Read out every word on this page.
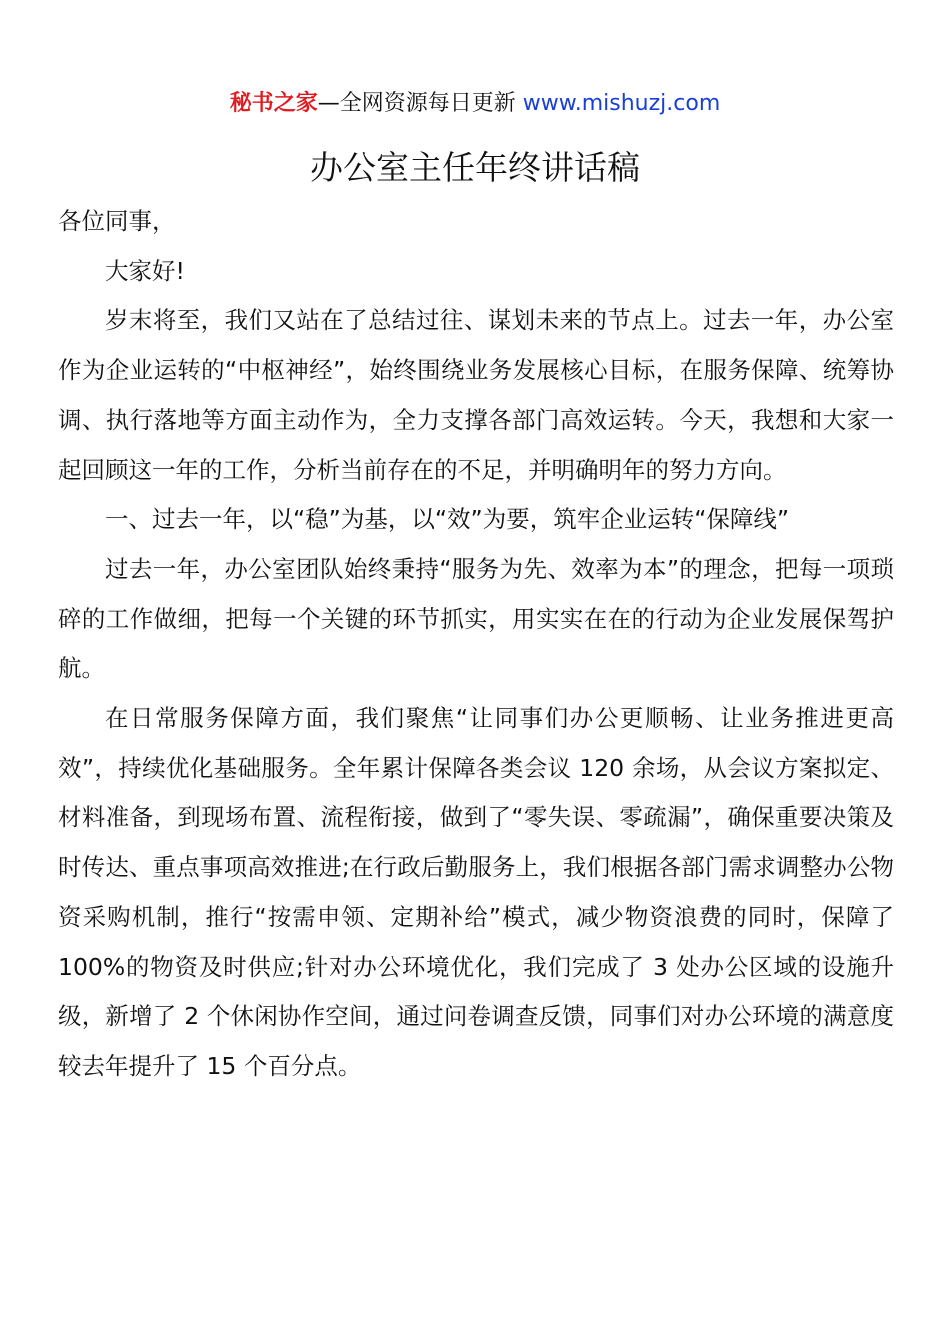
秘书之家—全网资源每日更新 www.mishuzj.com
办公室主任年终讲话稿

各位同事，

大家好!

岁末将至，我们又站在了总结过往、谋划未来的节点上。过去一年，办公室作为企业运转的“中枢神经”，始终围绕业务发展核心目标，在服务保障、统筹协调、执行落地等方面主动作为，全力支撑各部门高效运转。今天，我想和大家一起回顾这一年的工作，分析当前存在的不足，并明确明年的努力方向。

一、过去一年，以“稳”为基，以“效”为要，筑牢企业运转“保障线”

过去一年，办公室团队始终秉持“服务为先、效率为本”的理念，把每一项琐碎的工作做细，把每一个关键的环节抓实，用实实在在的行动为企业发展保驾护航。

在日常服务保障方面，我们聚焦“让同事们办公更顺畅、让业务推进更高效”，持续优化基础服务。全年累计保障各类会议 120 余场，从会议方案拟定、材料准备，到现场布置、流程衔接，做到了“零失误、零疏漏”，确保重要决策及时传达、重点事项高效推进;在行政后勤服务上，我们根据各部门需求调整办公物资采购机制，推行“按需申领、定期补给”模式，减少物资浪费的同时，保障了 100%的物资及时供应;针对办公环境优化，我们完成了 3 处办公区域的设施升级，新增了 2 个休闲协作空间，通过问卷调查反馈，同事们对办公环境的满意度较去年提升了 15 个百分点。
